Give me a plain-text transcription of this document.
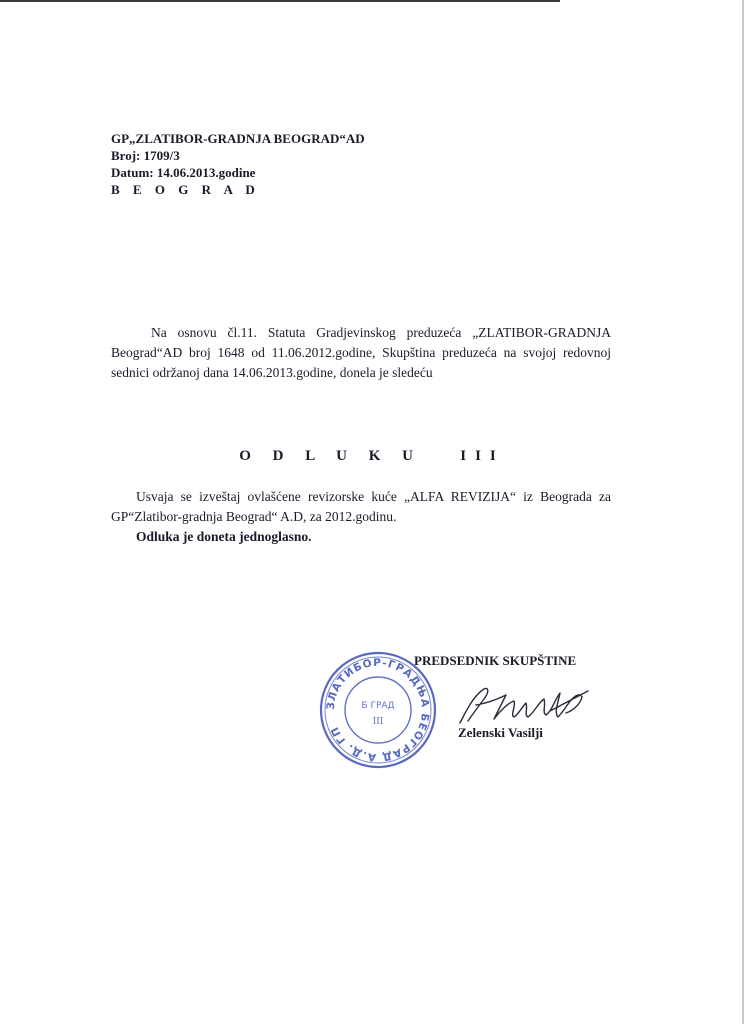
GP„ZLATIBOR-GRADNJA BEOGRAD“AD
Broj: 1709/3
Datum: 14.06.2013.godine
B E O G R A D

Na osnovu čl.11. Statuta Gradjevinskog preduzeća „ZLATIBOR-GRADNJA Beograd“AD broj 1648 od 11.06.2012.godine, Skupština preduzeća na svojoj redovnoj sednici održanoj dana 14.06.2013.godine, donela je sledeću

O D L U K U   III

Usvaja se izveštaj ovlašćene revizorske kuće „ALFA REVIZIJA“ iz Beograda za GP“Zlatibor-gradnja Beograd“ A.D, za 2012.godinu.

Odluka je doneta jednoglasno.

ЗЛАТИБОР-ГРАДЊА БЕОГРАД А.Д. ГП
Б ГРАД
III
PREDSEDNIK SKUPŠTINE
Zelenski Vasilji
